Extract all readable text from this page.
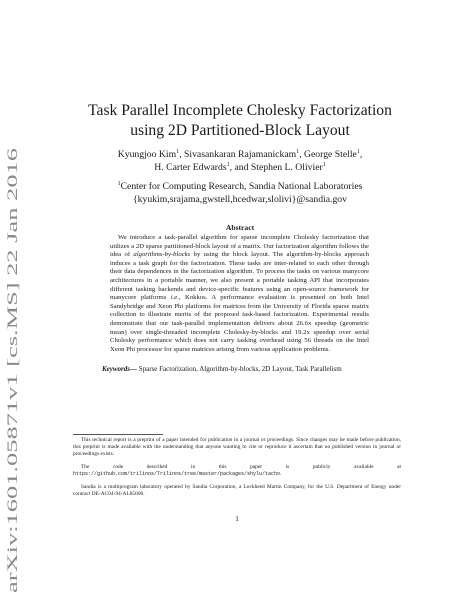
arXiv:1601.05871v1 [cs.MS] 22 Jan 2016
Task Parallel Incomplete Cholesky Factorization
using 2D Partitioned-Block Layout
Kyungjoo Kim$^1$, Sivasankaran Rajamanickam$^1$, George Stelle$^1$,
H. Carter Edwards$^1$, and Stephen L. Olivier$^1$
$^1$Center for Computing Research, Sandia National Laboratories
{kyukim,srajama,gwstell,hcedwar,slolivi}@sandia.gov
Abstract

We introduce a task-parallel algorithm for sparse incomplete Cholesky factorization that utilizes a 2D sparse partitioned-block layout of a matrix. Our factorization algorithm follows the idea of algorithms-by-blocks by using the block layout. The algorithm-by-blocks approach induces a task graph for the factorization. These tasks are inter-related to each other through their data dependences in the factorization algorithm. To process the tasks on various manycore architectures in a portable manner, we also present a portable tasking API that incorporates different tasking backends and device-specific features using an open-source framework for manycore platforms i.e., Kokkos. A performance evaluation is presented on both Intel Sandybridge and Xeon Phi platforms for matrices from the University of Florida sparse matrix collection to illustrate merits of the proposed task-based factorization. Experimental results demonstrate that our task-parallel implementation delivers about 26.6x speedup (geometric mean) over single-threaded incomplete Cholesky-by-blocks and 19.2x speedup over serial Cholesky performance which does not carry tasking overhead using 56 threads on the Intel Xeon Phi processor for sparse matrices arising from various application problems.

Keywords— Sparse Factorization, Algorithm-by-blocks, 2D Layout, Task Parallelism

This technical report is a preprint of a paper intended for publication in a journal or proceedings. Since changes may be made before publication, this preprint is made available with the understanding that anyone wanting to cite or reproduce it ascertain that no published version in journal or proceedings exists.

The code described in this paper is publicly available at https://github.com/trilinos/Trilinos/tree/master/packages/shylu/tacho.

Sandia is a multiprogram laboratory operated by Sandia Corporation, a Lockheed Martin Company, for the U.S. Department of Energy under contract DE-AC04-94-AL85000.

1
